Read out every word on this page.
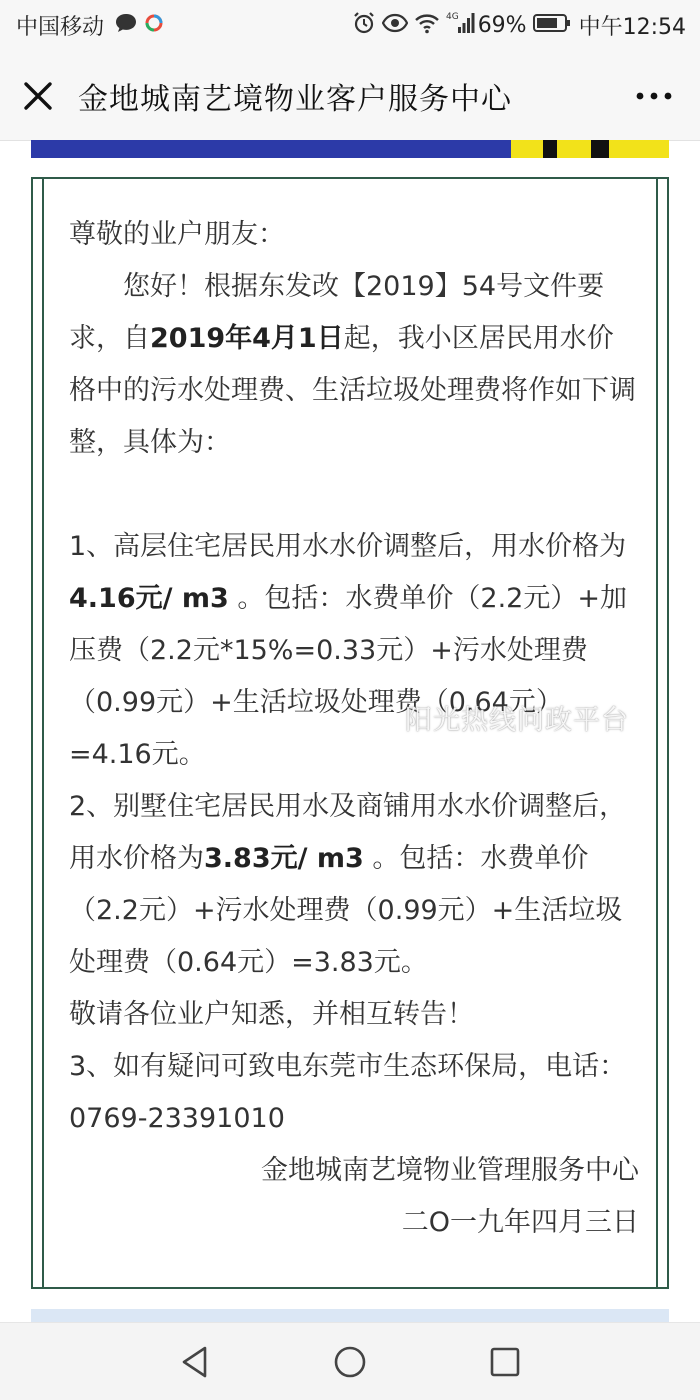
中国移动	4G 69% 中午12:54
金地城南艺境物业客户服务中心

尊敬的业户朋友：

您好！根据东发改【2019】54号文件要求，自2019年4月1日起，我小区居民用水价格中的污水处理费、生活垃圾处理费将作如下调整，具体为：

1、高层住宅居民用水水价调整后，用水价格为4.16元/ m3 。包括：水费单价（2.2元）+加压费（2.2元*15%=0.33元）+污水处理费（0.99元）+生活垃圾处理费（0.64元）=4.16元。

2、别墅住宅居民用水及商铺用水水价调整后，用水价格为3.83元/ m3 。包括：水费单价（2.2元）+污水处理费（0.99元）+生活垃圾处理费（0.64元）=3.83元。

敬请各位业户知悉，并相互转告！

3、如有疑问可致电东莞市生态环保局，电话：0769-23391010

金地城南艺境物业管理服务中心

二O一九年四月三日

阳光热线问政平台
